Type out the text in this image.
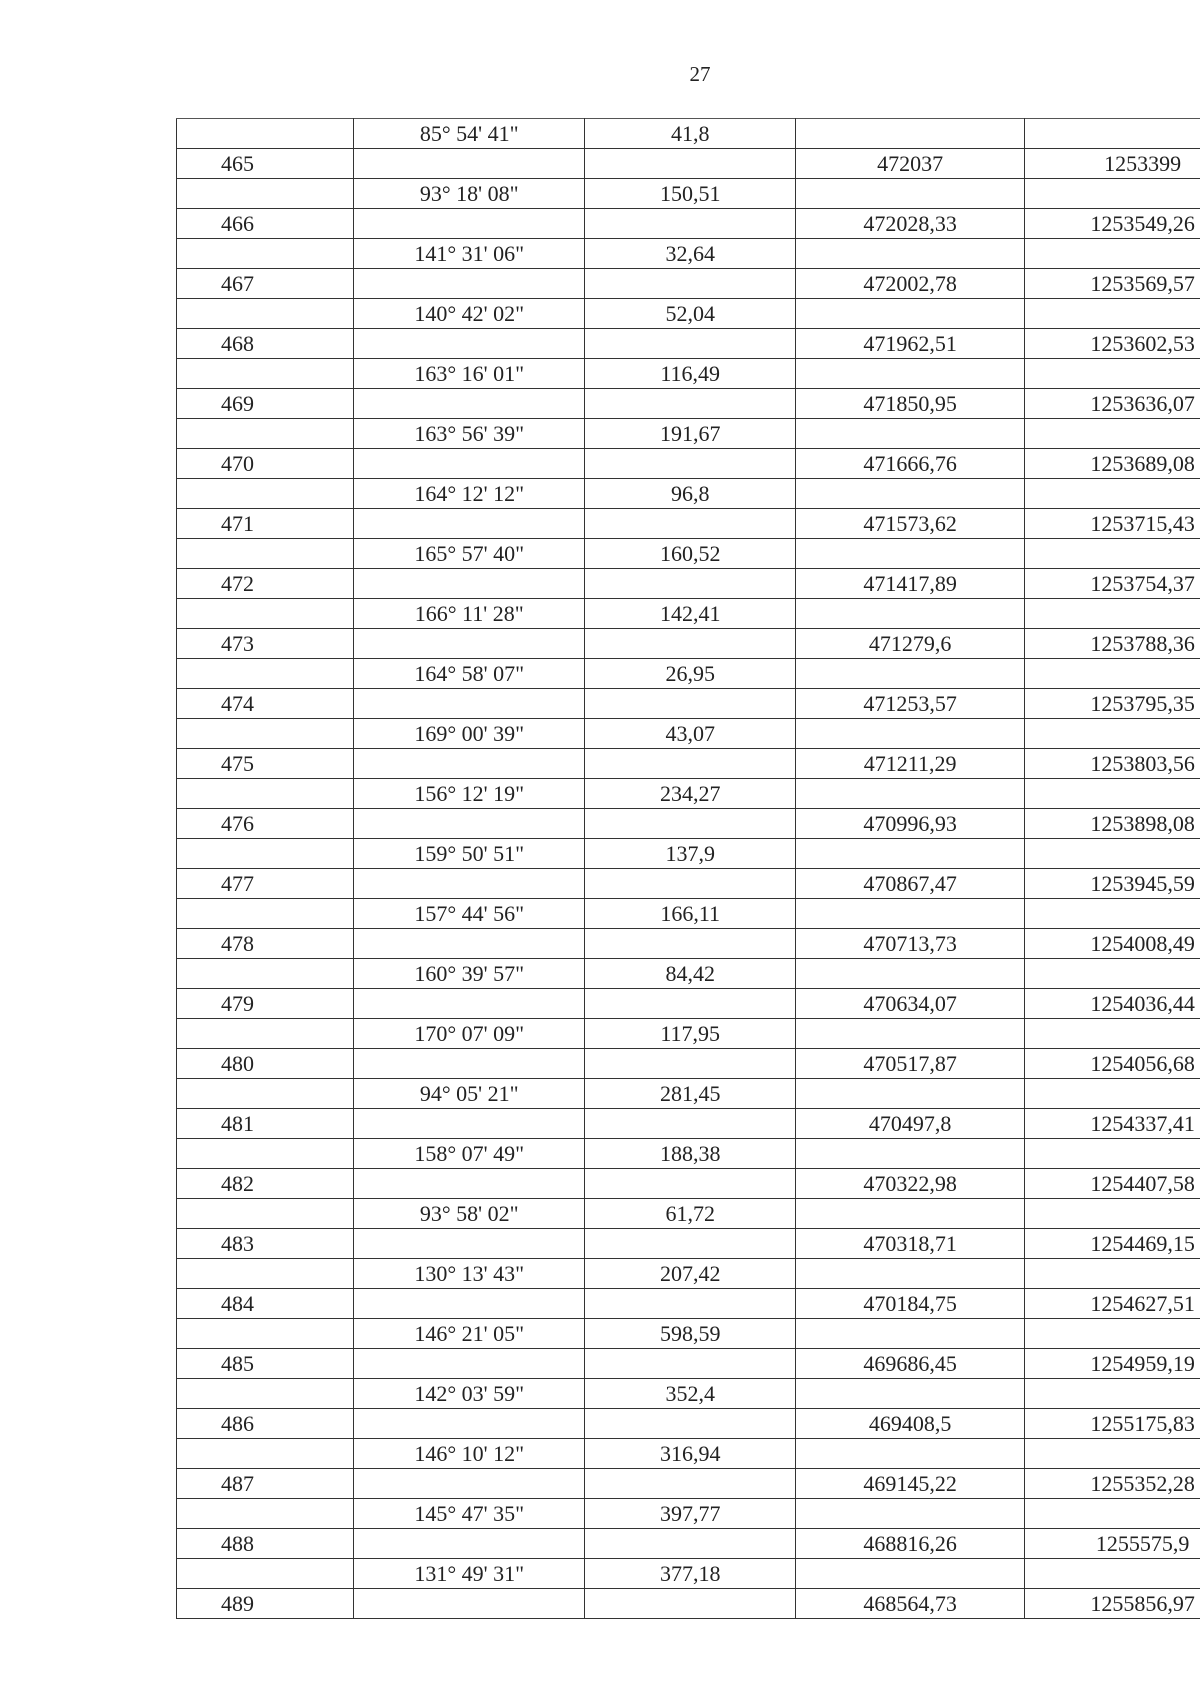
27
	85° 54' 41"	41,8		
465			472037	1253399
	93° 18' 08"	150,51		
466			472028,33	1253549,26
	141° 31' 06"	32,64		
467			472002,78	1253569,57
	140° 42' 02"	52,04		
468			471962,51	1253602,53
	163° 16' 01"	116,49		
469			471850,95	1253636,07
	163° 56' 39"	191,67		
470			471666,76	1253689,08
	164° 12' 12"	96,8		
471			471573,62	1253715,43
	165° 57' 40"	160,52		
472			471417,89	1253754,37
	166° 11' 28"	142,41		
473			471279,6	1253788,36
	164° 58' 07"	26,95		
474			471253,57	1253795,35
	169° 00' 39"	43,07		
475			471211,29	1253803,56
	156° 12' 19"	234,27		
476			470996,93	1253898,08
	159° 50' 51"	137,9		
477			470867,47	1253945,59
	157° 44' 56"	166,11		
478			470713,73	1254008,49
	160° 39' 57"	84,42		
479			470634,07	1254036,44
	170° 07' 09"	117,95		
480			470517,87	1254056,68
	94° 05' 21"	281,45		
481			470497,8	1254337,41
	158° 07' 49"	188,38		
482			470322,98	1254407,58
	93° 58' 02"	61,72		
483			470318,71	1254469,15
	130° 13' 43"	207,42		
484			470184,75	1254627,51
	146° 21' 05"	598,59		
485			469686,45	1254959,19
	142° 03' 59"	352,4		
486			469408,5	1255175,83
	146° 10' 12"	316,94		
487			469145,22	1255352,28
	145° 47' 35"	397,77		
488			468816,26	1255575,9
	131° 49' 31"	377,18		
489			468564,73	1255856,97
